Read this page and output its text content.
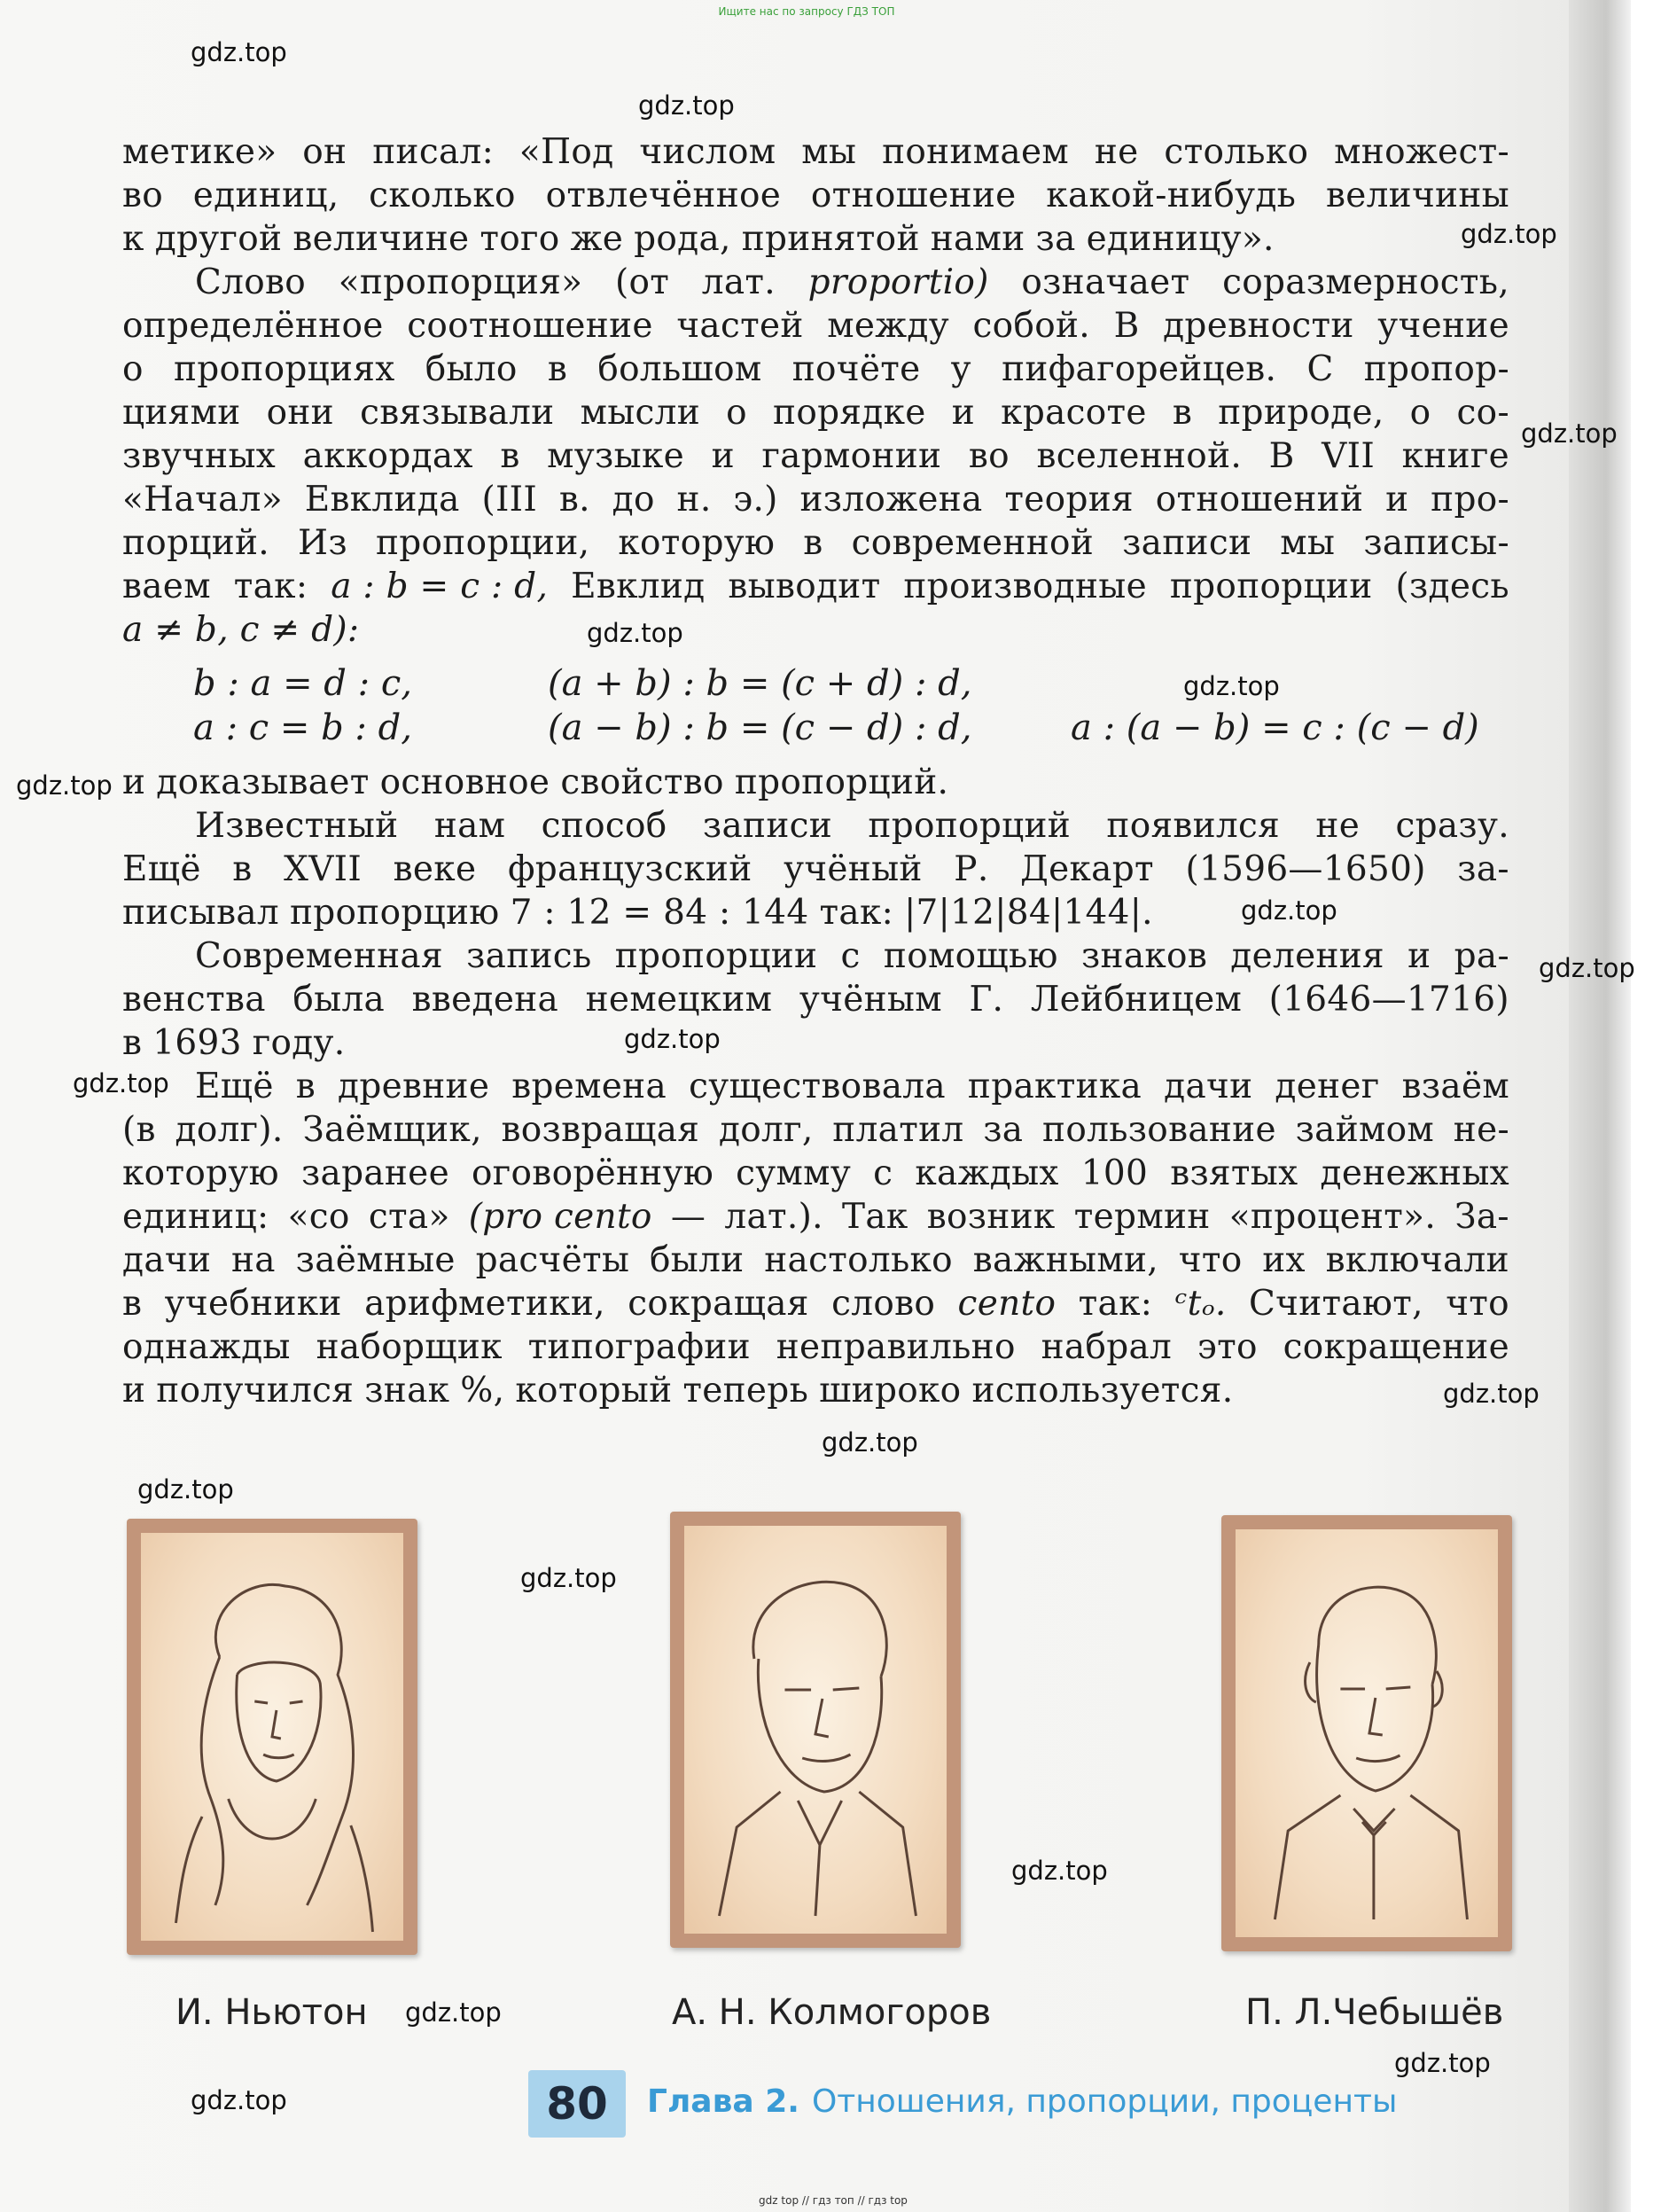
Ищите нас по запросу ГДЗ ТОП
gdz.top
gdz.top
gdz.top
gdz.top
gdz.top
gdz.top
gdz.top
gdz.top
gdz.top
gdz.top
gdz.top
gdz.top
gdz.top
gdz.top
gdz.top
gdz.top
gdz.top
gdz.top
gdz.top
метике» он писал: «Под числом мы понимаем не столько множест-
во единиц, сколько отвлечённое отношение какой-нибудь величины
к другой величине того же рода, принятой нами за единицу».
Слово «пропорция» (от лат. proportio) означает соразмерность,
определённое соотношение частей между собой. В древности учение
о пропорциях было в большом почёте у пифагорейцев. С пропор-
циями они связывали мысли о порядке и красоте в природе, о со-
звучных аккордах в музыке и гармонии во вселенной. В VII книге
«Начал» Евклида (III в. до н. э.) изложена теория отношений и про-
порций. Из пропорции, которую в современной записи мы записы-
ваем так: a : b = c : d, Евклид выводит производные пропорции (здесь
a ≠ b, c ≠ d):
b : a = d : c,	(a + b) : b = (c + d) : d,
a : c = b : d,	(a − b) : b = (c − d) : d,	a : (a − b) = c : (c − d)
и доказывает основное свойство пропорций.
Известный нам способ записи пропорций появился не сразу.
Ещё в XVII веке французский учёный Р. Декарт (1596—1650) за-
писывал пропорцию 7 : 12 = 84 : 144 так: |7|12|84|144|.
Современная запись пропорции с помощью знаков деления и ра-
венства была введена немецким учёным Г. Лейбницем (1646—1716)
в 1693 году.
Ещё в древние времена существовала практика дачи денег взаём
(в долг). Заёмщик, возвращая долг, платил за пользование займом не-
которую заранее оговорённую сумму с каждых 100 взятых денежных
единиц: «со ста» (pro cento — лат.). Так возник термин «процент». За-
дачи на заёмные расчёты были настолько важными, что их включали
в учебники арифметики, сокращая слово cento так: ᶜtₒ. Считают, что
однажды наборщик типографии неправильно набрал это сокращение
и получился знак %, который теперь широко используется.
И. Ньютон	А. Н. Колмогоров	П. Л.Чебышёв
80	Глава 2. Отношения, пропорции, проценты
gdz top // гдз топ // гдз top
